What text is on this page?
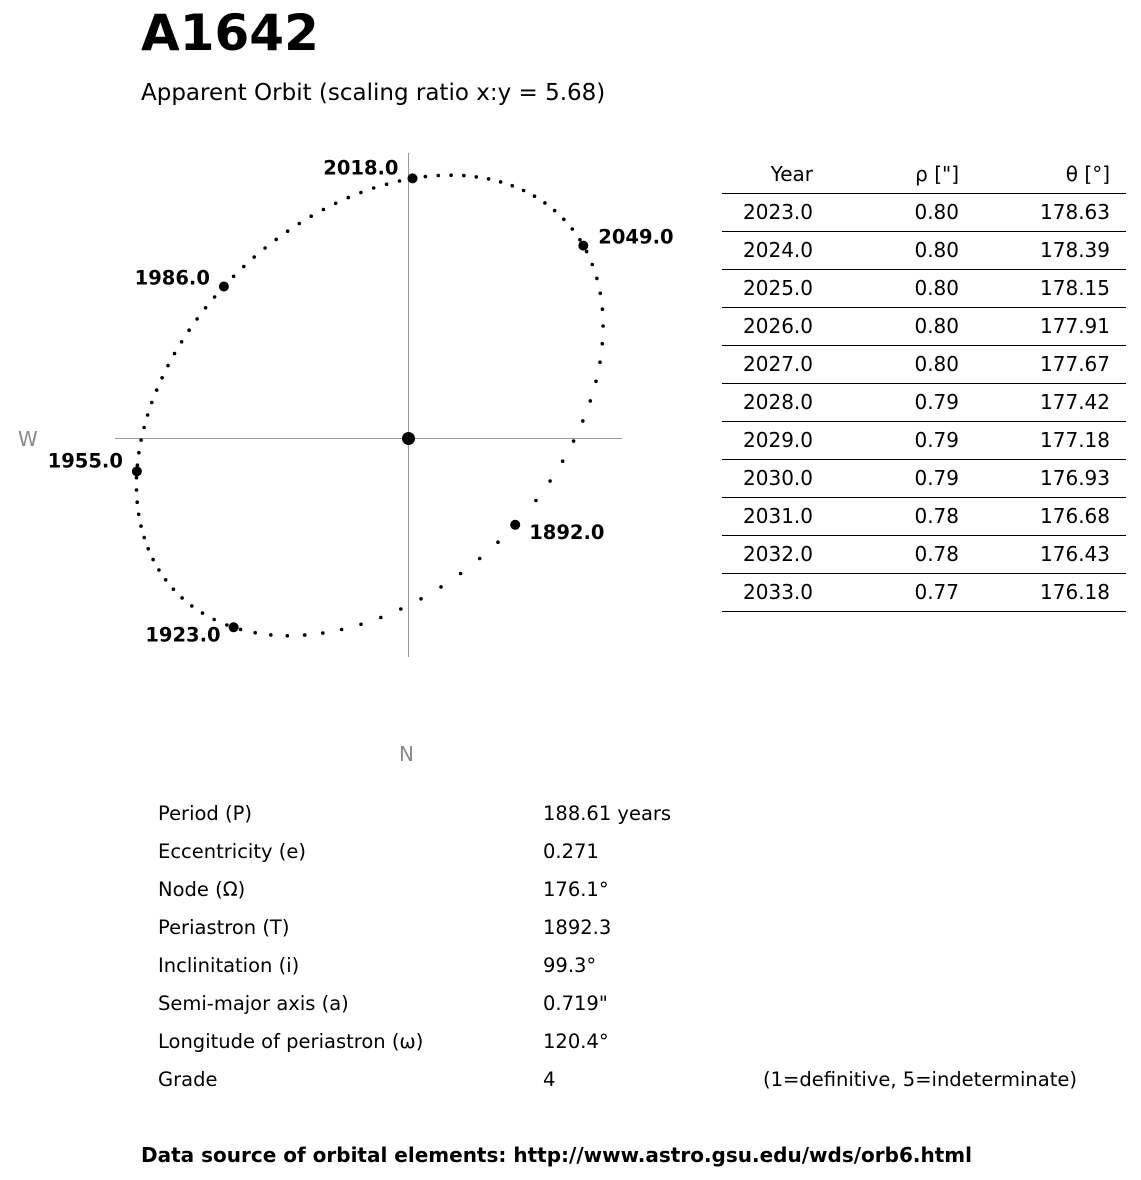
A1642
Apparent Orbit (scaling ratio x:y = 5.68)
2018.0
2049.0
1986.0
1955.0
1892.0
1923.0
W
N
Year	ρ ["]	θ [°]
2023.0	0.80	178.63
2024.0	0.80	178.39
2025.0	0.80	178.15
2026.0	0.80	177.91
2027.0	0.80	177.67
2028.0	0.79	177.42
2029.0	0.79	177.18
2030.0	0.79	176.93
2031.0	0.78	176.68
2032.0	0.78	176.43
2033.0	0.77	176.18
Period (P)	188.61 years
Eccentricity (e)	0.271
Node (Ω)	176.1°
Periastron (T)	1892.3
Inclinitation (i)	99.3°
Semi-major axis (a)	0.719"
Longitude of periastron (ω)	120.4°
Grade	4	(1=definitive, 5=indeterminate)
Data source of orbital elements: http://www.astro.gsu.edu/wds/orb6.html
